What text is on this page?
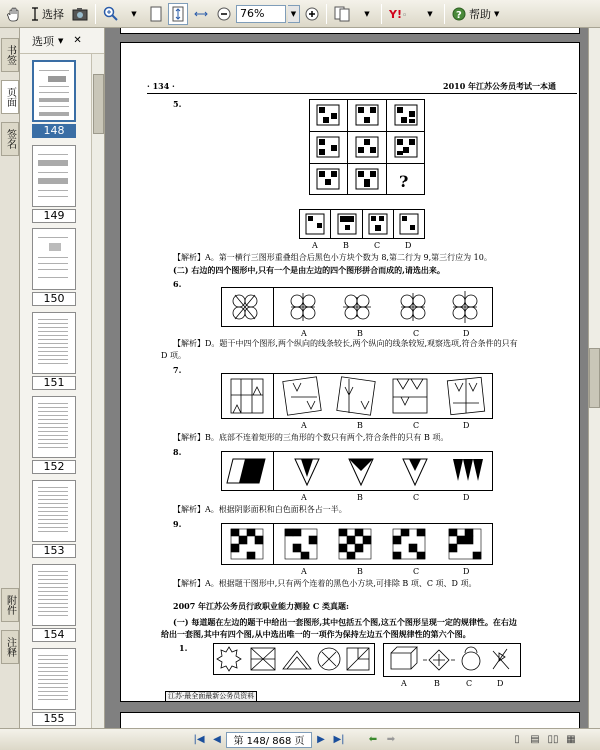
选择	▼	76%	▼	▼	Y! ◦	▼	? 帮助 ▼
书签
页面
签名
附件
注释
选项 ▼ ✕
148
149
150
151
152
153
154
155
· 134 ·	2010 年江苏公务员考试一本通
5.
?
A	B	C	D
【解析】A。第一横行三图形重叠组合后黑色小方块个数为 8,第二行为 9,第三行应为 10。
(二) 右边的四个图形中,只有一个是由左边的四个图形拼合而成的,请选出来。
6.
A	B	C	D
【解析】D。题干中四个图形,两个纵向的线条较长,两个纵向的线条较短,观察选项,符合条件的只有
D 项。
7.
A	B	C	D
【解析】B。底部不连着矩形的三角形的个数只有两个,符合条件的只有 B 项。
8.
A	B	C	D
【解析】A。根据阴影面积和白色面积各占一半。
9.
A	B	C	D
【解析】A。根据题干图形中,只有两个连着的黑色小方块,可排除 B 项、C 项、D 项。
2007 年江苏公务员行政职业能力测验 C 类真题:
(一) 每道题在左边的题干中给出一套图形,其中包括五个图,这五个图形呈现一定的规律性。在右边
给出一套图,其中有四个图,从中选出唯一的一项作为保持左边五个图规律性的第六个图。
1.
A	B	C	D
江苏·最全面最新公务员资料
|◀ ◀	第 148/ 868 页	▶ ▶| ⬅ ➡	▯ ▤ ▯▯ ▦
